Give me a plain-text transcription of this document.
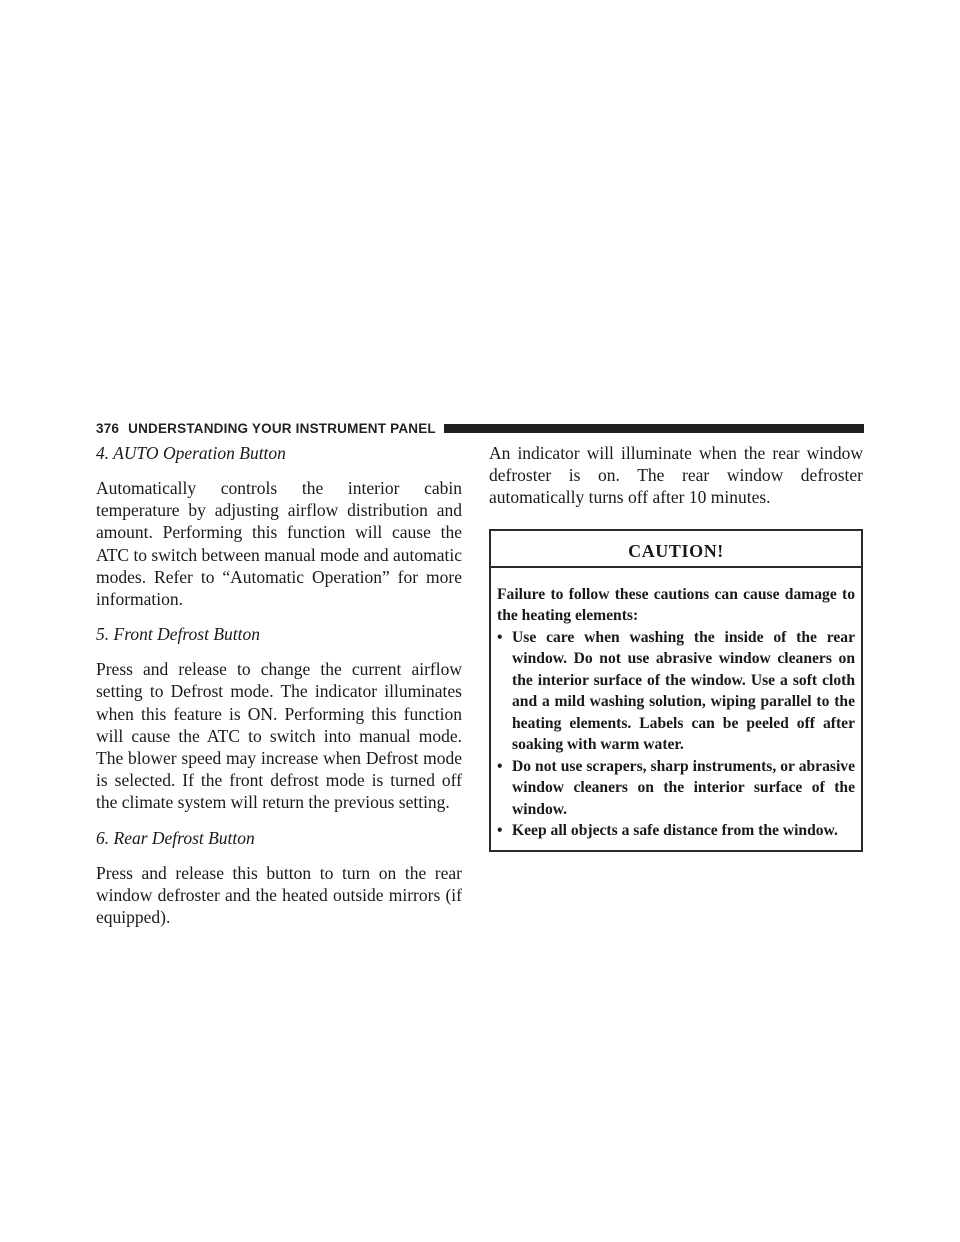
376 UNDERSTANDING YOUR INSTRUMENT PANEL

4. AUTO Operation Button

Automatically controls the interior cabin temperature by adjusting airflow distribution and amount. Performing this function will cause the ATC to switch between manual mode and automatic modes. Refer to “Automatic Operation” for more information.

5. Front Defrost Button

Press and release to change the current airflow setting to Defrost mode. The indicator illuminates when this feature is ON. Performing this function will cause the ATC to switch into manual mode. The blower speed may increase when Defrost mode is selected. If the front defrost mode is turned off the climate system will return the previous setting.

6. Rear Defrost Button

Press and release this button to turn on the rear window defroster and the heated outside mirrors (if equipped).

An indicator will illuminate when the rear window defroster is on. The rear window defroster automatically turns off after 10 minutes.

CAUTION!

Failure to follow these cautions can cause damage to the heating elements:

• Use care when washing the inside of the rear window. Do not use abrasive window cleaners on the interior surface of the window. Use a soft cloth and a mild washing solution, wiping parallel to the heating elements. Labels can be peeled off after soaking with warm water.
• Do not use scrapers, sharp instruments, or abrasive window cleaners on the interior surface of the window.
• Keep all objects a safe distance from the window.
